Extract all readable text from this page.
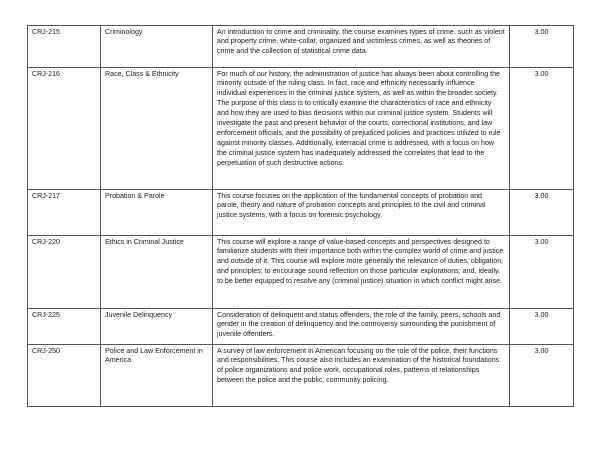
CRJ-215	Criminology	An introduction to crime and criminality, the course examines types of crime, such as violent and property crime, white-collar, organized and victimless crimes, as well as theories of crime and the collection of statistical crime data.	3.00
CRJ-216	Race, Class & Ethnicity	For much of our history, the administration of justice has always been about controlling the minority outside of the ruling class. In fact, race and ethnicity necessarily influence individual experiences in the criminal justice system, as well as within the broader society. The purpose of this class is to critically examine the characteristics of race and ethnicity and how they are used to bias decisions within our criminal justice system. Students will investigate the past and present behavior of the courts, correctional institutions, and law enforcement officials, and the possibility of prejudiced policies and practices utilized to rule against minority classes. Additionally, interracial crime is addressed, with a focus on how the criminal justice system has inadequately addressed the correlates that lead to the perpetuation of such destructive actions.	3.00
CRJ-217	Probation & Parole	This course focuses on the application of the fundamental concepts of probation and parole, theory and nature of probation concepts and principles to the civil and criminal justice systems, with a focus on forensic psychology.	3.00
CRJ-220	Ethics in Criminal Justice	This course will explore a range of value-based concepts and perspectives designed to familiarize students with their importance both within the complex world of crime and justice and outside of it. This course will explore more generally the relevance of duties, obligation, and principles; to encourage sound reflection on those particular explorations; and, ideally, to be better equipped to resolve any (criminal justice) situation in which conflict might arise.	3.00
CRJ-225	Juvenile Delinquency	Consideration of delinquent and status offenders, the role of the family, peers, schools and gender in the creation of delinquency and the controversy surrounding the punishment of juvenile offenders.	3.00
CRJ-250	Police and Law Enforcement in America	A survey of law enforcement in American focusing on the role of the police, their functions and responsibilities. This course also includes an examination of the historical foundations of police organizations and police work, occupational roles, patterns of relationships between the police and the public, community policing.	3.00
